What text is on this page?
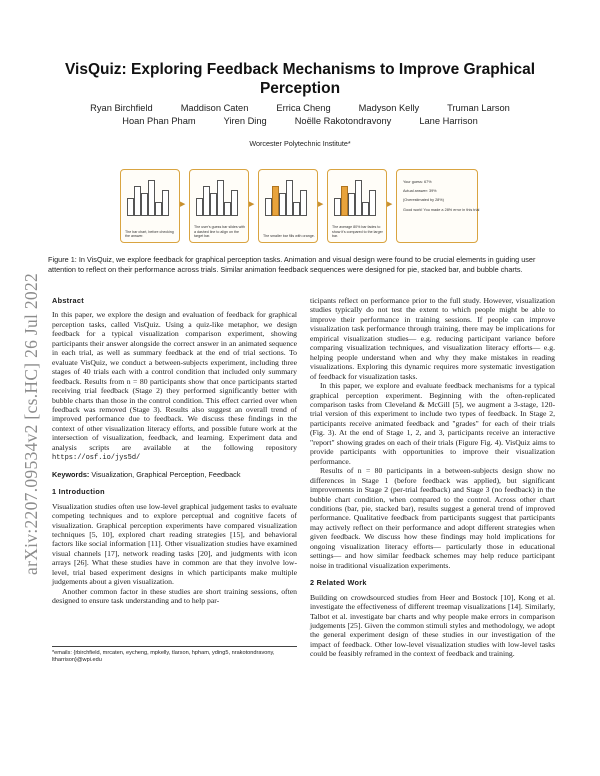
arXiv:2207.09534v2 [cs.HC] 26 Jul 2022
VisQuiz: Exploring Feedback Mechanisms to Improve Graphical Perception
Ryan Birchfield	Maddison Caten	Errica Cheng	Madyson Kelly	Truman Larson
Hoan Phan Pham	Yiren Ding	Noëlle Rakotondravony	Lane Harrison
Worcester Polytechnic Institute*
The bar chart, before checking the answer.
▶
The user's guess bar slides with a dashed line to align on the target bar.
▶
The smaller bar fills with orange.
▶
The average 80% bar fades to show it's compared to the larger bar.
▶
Your guess: 67%
Actual answer: 39%
(Overestimated by 28%)
Good work! You made a 28% error in this trial
Figure 1: In VisQuiz, we explore feedback for graphical perception tasks. Animation and visual design were found to be crucial elements in guiding user attention to reflect on their performance across trials. Similar animation feedback sequences were designed for pie, stacked bar, and bubble charts.
Abstract

In this paper, we explore the design and evaluation of feedback for graphical perception tasks, called VisQuiz. Using a quiz-like metaphor, we design feedback for a typical visualization comparison experiment, showing participants their answer alongside the correct answer in an animated sequence in each trial, as well as summary feedback at the end of trial sections. To evaluate VisQuiz, we conduct a between-subjects experiment, including three stages of 40 trials each with a control condition that included only summary feedback. Results from n = 80 participants show that once participants started receiving trial feedback (Stage 2) they performed significantly better with bubble charts than those in the control condition. This effect carried over when feedback was removed (Stage 3). Results also suggest an overall trend of improved performance due to feedback. We discuss these findings in the context of other visualization literacy efforts, and possible future work at the intersection of visualization, feedback, and learning. Experiment data and analysis scripts are available at the following repository https://osf.io/jys5d/

Keywords: Visualization, Graphical Perception, Feedback
1 Introduction

Visualization studies often use low-level graphical judgement tasks to evaluate competing techniques and to explore perceptual and cognitive facets of visualization. Graphical perception experiments have compared visualization techniques [5, 10], explored chart reading strategies [15], and behavioral factors like social information [11]. Other visualization studies have examined visual channels [17], network reading tasks [20], and judgments with icon arrays [26]. What these studies have in common are that they involve low-level, trial based experiment designs in which participants make multiple judgements about a given visualization.

Another common factor in these studies are short training sessions, often designed to ensure task understanding and to help par-

*emails: {rbirchfield, mrcaten, eycheng, mpkelly, tlarson, hpham, yding5, nrakotondravony, ltharrison}@wpi.edu

ticipants reflect on performance prior to the full study. However, visualization studies typically do not test the extent to which people might be able to improve their performance in training sessions. If people can improve visualization task performance through training, there may be implications for empirical visualization studies— e.g. reducing participant variance before comparing visualization techniques, and visualization literacy efforts— e.g. helping people understand when and why they make mistakes in reading visualizations. Exploring this dynamic requires more systematic investigation of feedback for visualization tasks.

In this paper, we explore and evaluate feedback mechanisms for a typical graphical perception experiment. Beginning with the often-replicated comparison tasks from Cleveland & McGill [5], we augment a 3-stage, 120-trial version of this experiment to include two types of feedback. In Stage 2, participants receive animated feedback and "grades" for each of their trials (Fig. 3). At the end of Stage 1, 2, and 3, participants receive an interactive "report" showing grades on each of their trials (Figure Fig. 4). VisQuiz aims to provide participants with opportunities to improve their visualization performance.

Results of n = 80 participants in a between-subjects design show no differences in Stage 1 (before feedback was applied), but significant improvements in Stage 2 (per-trial feedback) and Stage 3 (no feedback) in the bubble chart condition, when compared to the control. Across other chart conditions (bar, pie, stacked bar), results suggest a general trend of improved performance. Qualitative feedback from participants suggest that participants may actively reflect on their performance and adopt different strategies when given feedback. We discuss how these findings may hold implications for ongoing visualization literacy efforts— particularly those in educational settings— and how similar feedback schemes may help reduce participant noise in traditional visualization experiments.

2 Related Work

Building on crowdsourced studies from Heer and Bostock [10], Kong et al. investigate the effectiveness of different treemap visualizations [14]. Similarly, Talbot et al. investigate bar charts and why people make errors in comparison judgements [25]. Given the common stimuli styles and methodology, we adopt the general experiment design of these studies in our investigation of the impact of feedback. Other low-level visualization studies with low-level tasks could be feasibly reframed in the context of feedback and training.
